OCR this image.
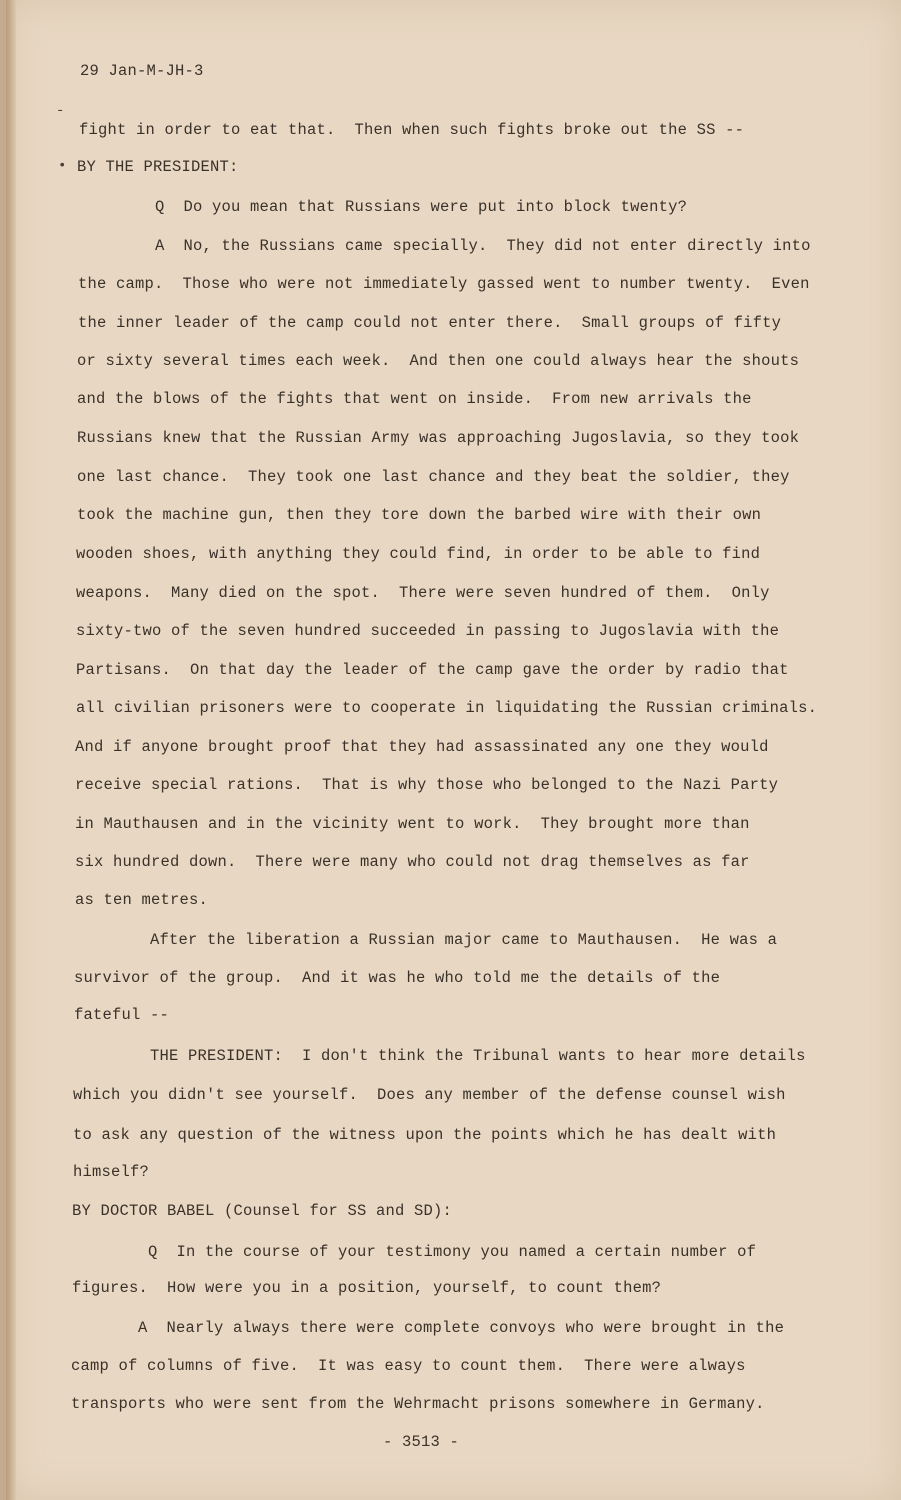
-
•
29 Jan-M-JH-3
fight in order to eat that.  Then when such fights broke out the SS --
BY THE PRESIDENT:
Q  Do you mean that Russians were put into block twenty?
A  No, the Russians came specially.  They did not enter directly into
the camp.  Those who were not immediately gassed went to number twenty.  Even
the inner leader of the camp could not enter there.  Small groups of fifty
or sixty several times each week.  And then one could always hear the shouts
and the blows of the fights that went on inside.  From new arrivals the
Russians knew that the Russian Army was approaching Jugoslavia, so they took
one last chance.  They took one last chance and they beat the soldier, they
took the machine gun, then they tore down the barbed wire with their own
wooden shoes, with anything they could find, in order to be able to find
weapons.  Many died on the spot.  There were seven hundred of them.  Only
sixty-two of the seven hundred succeeded in passing to Jugoslavia with the
Partisans.  On that day the leader of the camp gave the order by radio that
all civilian prisoners were to cooperate in liquidating the Russian criminals.
And if anyone brought proof that they had assassinated any one they would
receive special rations.  That is why those who belonged to the Nazi Party
in Mauthausen and in the vicinity went to work.  They brought more than
six hundred down.  There were many who could not drag themselves as far
as ten metres.
After the liberation a Russian major came to Mauthausen.  He was a
survivor of the group.  And it was he who told me the details of the
fateful --
THE PRESIDENT:  I don't think the Tribunal wants to hear more details
which you didn't see yourself.  Does any member of the defense counsel wish
to ask any question of the witness upon the points which he has dealt with
himself?
BY DOCTOR BABEL (Counsel for SS and SD):
Q  In the course of your testimony you named a certain number of
figures.  How were you in a position, yourself, to count them?
A  Nearly always there were complete convoys who were brought in the
camp of columns of five.  It was easy to count them.  There were always
transports who were sent from the Wehrmacht prisons somewhere in Germany.
- 3513 -
